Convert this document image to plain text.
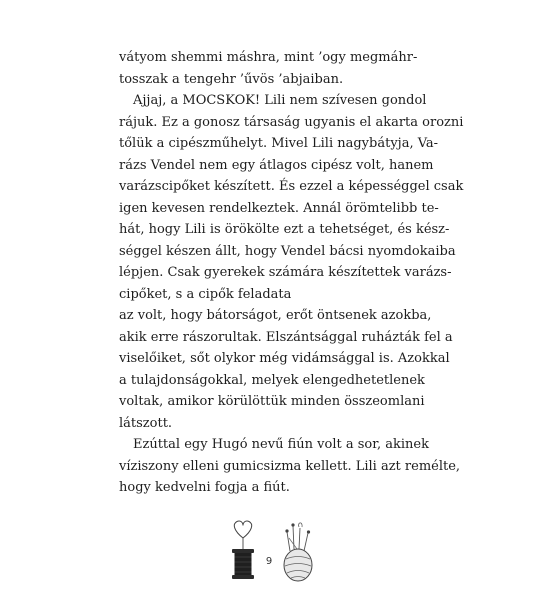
vátyom shemmi máshra, mint ’ogy megmáhr-
tosszak a tengehr ’űvös ’abjaiban.
Ajjaj, a MOCSKOK! Lili nem szívesen gondol
rájuk. Ez a gonosz társaság ugyanis el akarta orozni
tőlük a cipészműhelyt. Mivel Lili nagybátyja, Va-
rázs Vendel nem egy átlagos cipész volt, hanem
varázscipőket készített. És ezzel a képességgel csak
igen kevesen rendelkeztek. Annál örömtelibb te-
hát, hogy Lili is örökölte ezt a tehetséget, és kész-
séggel készen állt, hogy Vendel bácsi nyomdokaiba
lépjen. Csak gyerekek számára készítettek varázs-
cipőket, s a cipők feladata
az volt, hogy bátorságot, erőt öntsenek azokba,
akik erre rászorultak. Elszántsággal ruházták fel a
viselőiket, sőt olykor még vidámsággal is. Azokkal
a tulajdonságokkal, melyek elengedhetetlenek
voltak, amikor körülöttük minden összeomlani
látszott.
Ezúttal egy Hugó nevű fiún volt a sor, akinek
víziszony elleni gumicsizma kellett. Lili azt remélte,
hogy kedvelni fogja a fiút.
9
